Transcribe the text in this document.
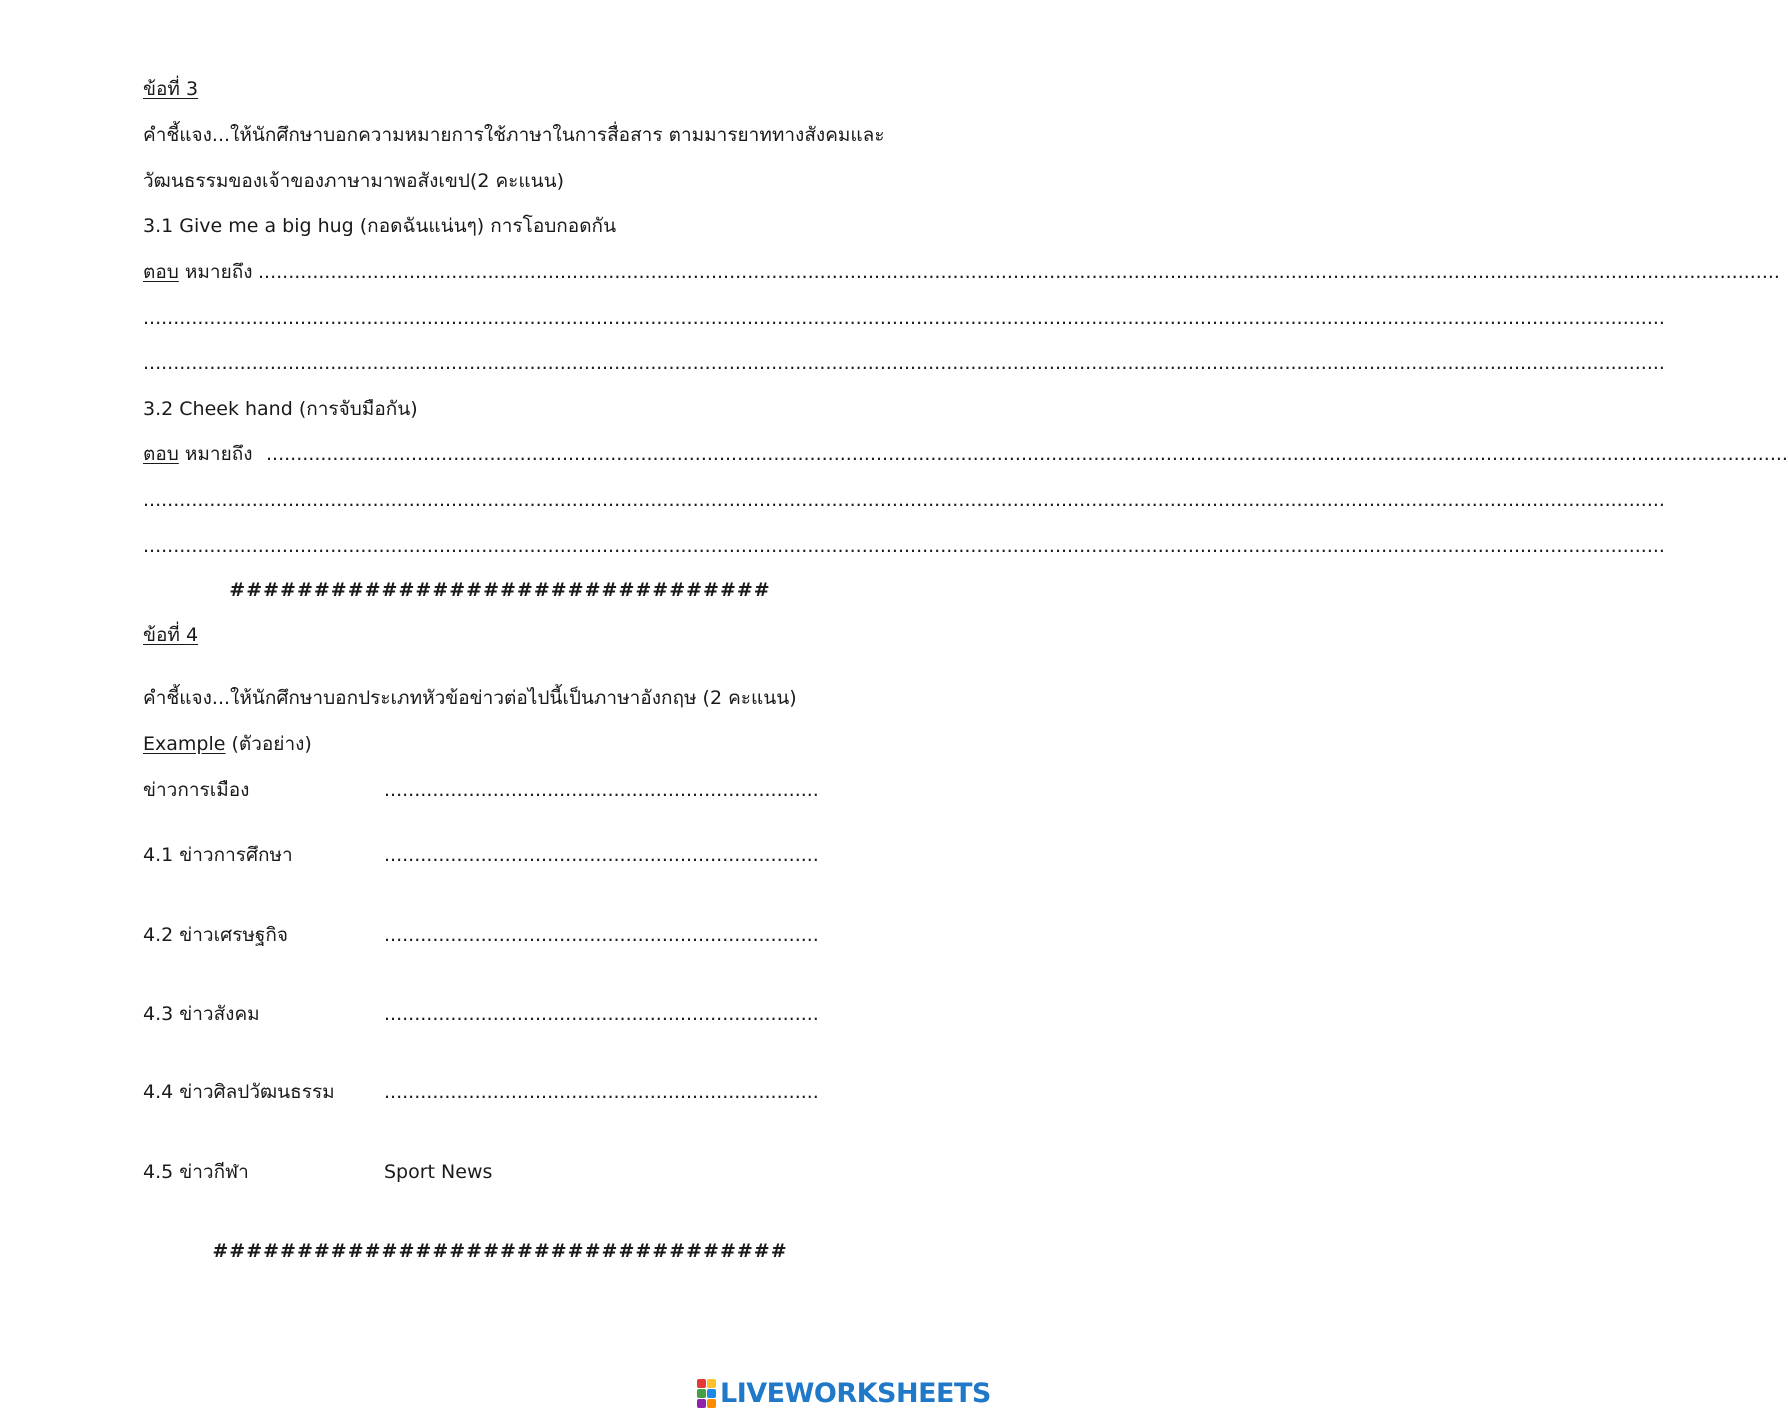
ข้อที่ 3
คำชี้แจง...ให้นักศึกษาบอกความหมายการใช้ภาษาในการสื่อสาร ตามมารยาททางสังคมและ
วัฒนธรรมของเจ้าของภาษามาพอสังเขป(2 คะแนน)
3.1 Give me a big hug (กอดฉันแน่นๆ) การโอบกอดกัน
ตอบ หมายถึง ............................................................................................................................................................................................................................................................
............................................................................................................................................................................................................................................................
............................................................................................................................................................................................................................................................
3.2 Cheek hand (การจับมือกัน)
ตอบ หมายถึง ............................................................................................................................................................................................................................................................
............................................................................................................................................................................................................................................................
............................................................................................................................................................................................................................................................
################################
ข้อที่ 4
คำชี้แจง...ให้นักศึกษาบอกประเภทหัวข้อข่าวต่อไปนี้เป็นภาษาอังกฤษ (2 คะแนน)
Example (ตัวอย่าง)
ข่าวการเมือง	........................................................................
4.1 ข่าวการศึกษา	........................................................................
4.2 ข่าวเศรษฐกิจ	........................................................................
4.3 ข่าวสังคม	........................................................................
4.4 ข่าวศิลปวัฒนธรรม	........................................................................
4.5 ข่าวกีฬา	Sport News
##################################
LIVEWORKSHEETS
